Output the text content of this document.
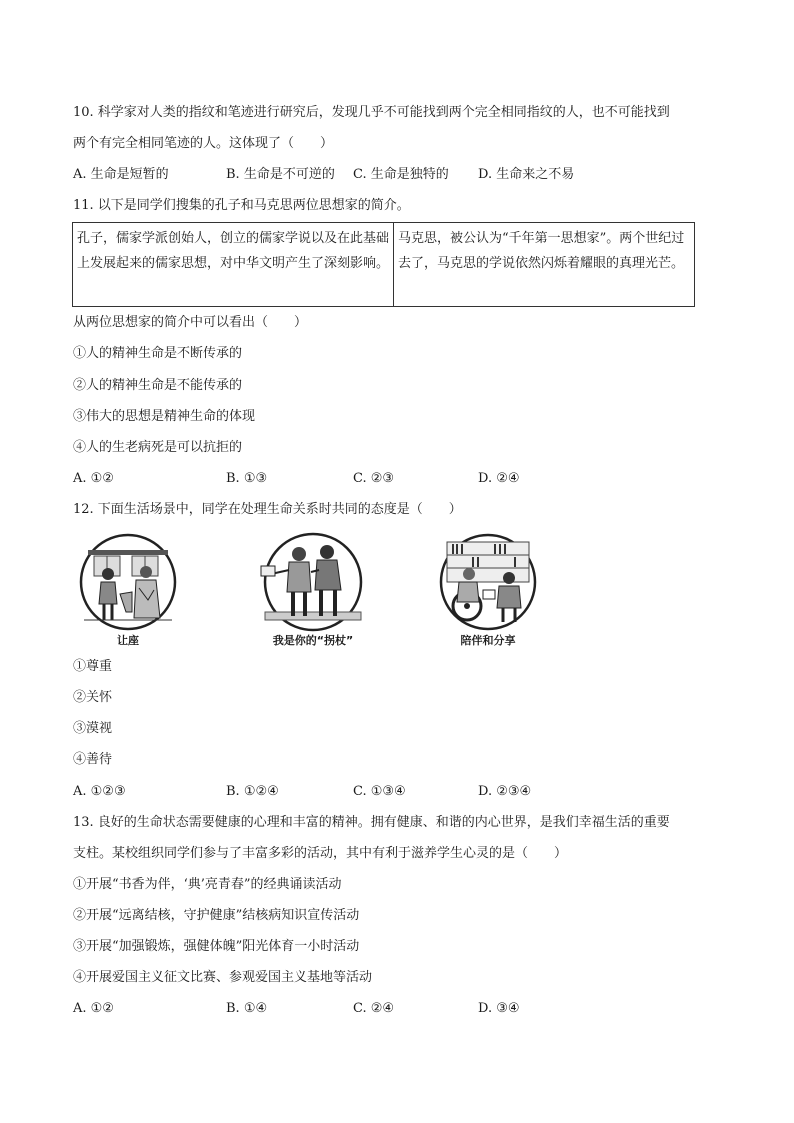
10. 科学家对人类的指纹和笔迹进行研究后，发现几乎不可能找到两个完全相同指纹的人，也不可能找到
两个有完全相同笔迹的人。这体现了（　　）
A. 生命是短暂的	B. 生命是不可逆的 C. 生命是独特的 D. 生命来之不易
11. 以下是同学们搜集的孔子和马克思两位思想家的简介。
孔子，儒家学派创始人，创立的儒家学说以及在此基础上发展起来的儒家思想，对中华文明产生了深刻影响。	马克思，被公认为“千年第一思想家”。两个世纪过去了，马克思的学说依然闪烁着耀眼的真理光芒。
从两位思想家的简介中可以看出（　　）
①人的精神生命是不断传承的
②人的精神生命是不能传承的
③伟大的思想是精神生命的体现
④人的生老病死是可以抗拒的
A. ①②	B. ①③	C. ②③	D. ②④
12. 下面生活场景中，同学在处理生命关系时共同的态度是（　　）
让座	我是你的“拐杖”	陪伴和分享
①尊重
②关怀
③漠视
④善待
A. ①②③	B. ①②④	C. ①③④	D. ②③④
13. 良好的生命状态需要健康的心理和丰富的精神。拥有健康、和谐的内心世界，是我们幸福生活的重要
支柱。某校组织同学们参与了丰富多彩的活动，其中有利于滋养学生心灵的是（　　）
①开展“书香为伴，‘典’亮青春”的经典诵读活动
②开展“远离结核，守护健康”结核病知识宣传活动
③开展“加强锻炼，强健体魄”阳光体育一小时活动
④开展爱国主义征文比赛、参观爱国主义基地等活动
A. ①②	B. ①④	C. ②④	D. ③④
